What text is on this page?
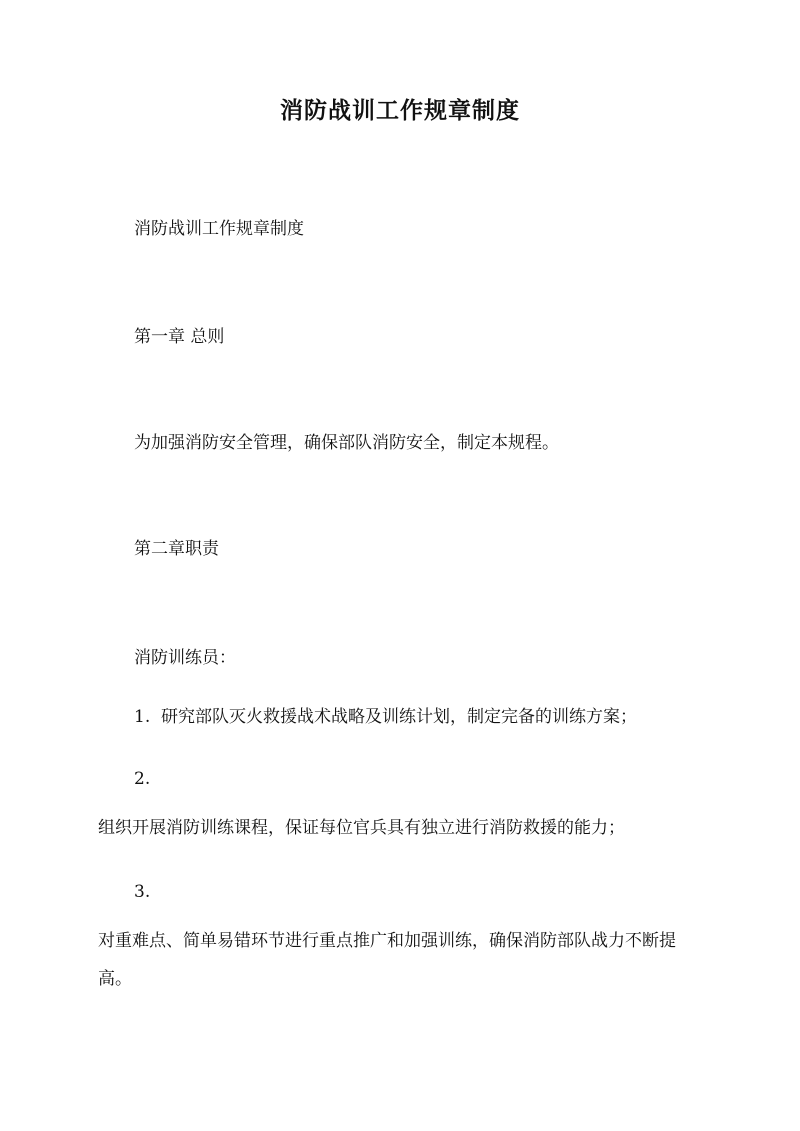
消防战训工作规章制度
消防战训工作规章制度
第一章 总则
为加强消防安全管理，确保部队消防安全，制定本规程。
第二章职责
消防训练员：
1. 研究部队灭火救援战术战略及训练计划，制定完备的训练方案；
2.
组织开展消防训练课程，保证每位官兵具有独立进行消防救援的能力；
3.
对重难点、简单易错环节进行重点推广和加强训练，确保消防部队战力不断提高。
